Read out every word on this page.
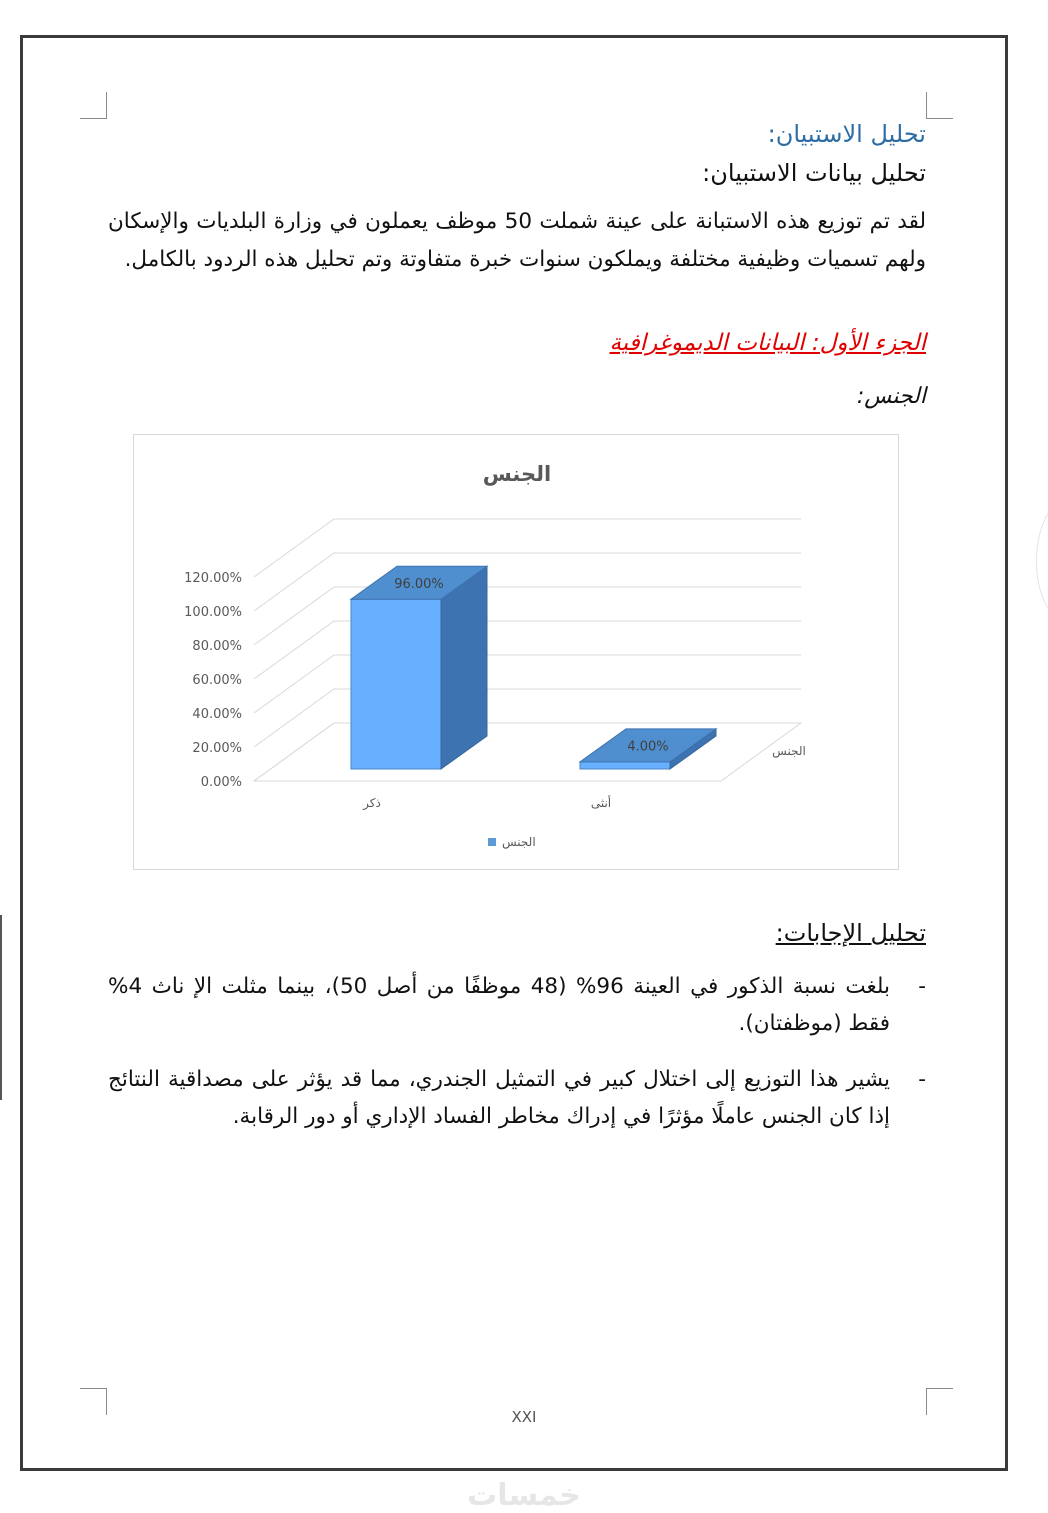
تحليل الاستبيان:
تحليل بيانات الاستبيان:
لقد تم توزيع هذه الاستبانة على عينة شملت 50 موظف يعملون في وزارة البلديات والإسكان ولهم تسميات وظيفية مختلفة ويملكون سنوات خبرة متفاوتة وتم تحليل هذه الردود بالكامل.
الجزء الأول: البيانات الديموغرافية
الجنس:
الجنس
0.00%
20.00%
40.00%
60.00%
80.00%
100.00%
120.00%	96.00%
ذكر
4.00%
أنثى
الجنس
الجنس
تحليل الإجابات:
-
بلغت نسبة الذكور في العينة 96% (48 موظفًا من أصل 50)، بينما مثلت الإ ناث 4% فقط (موظفتان).
-
يشير هذا التوزيع إلى اختلال كبير في التمثيل الجندري، مما قد يؤثر على مصداقية النتائج إذا كان الجنس عاملًا مؤثرًا في إدراك مخاطر الفساد الإداري أو دور الرقابة.
XXI
خمسات
